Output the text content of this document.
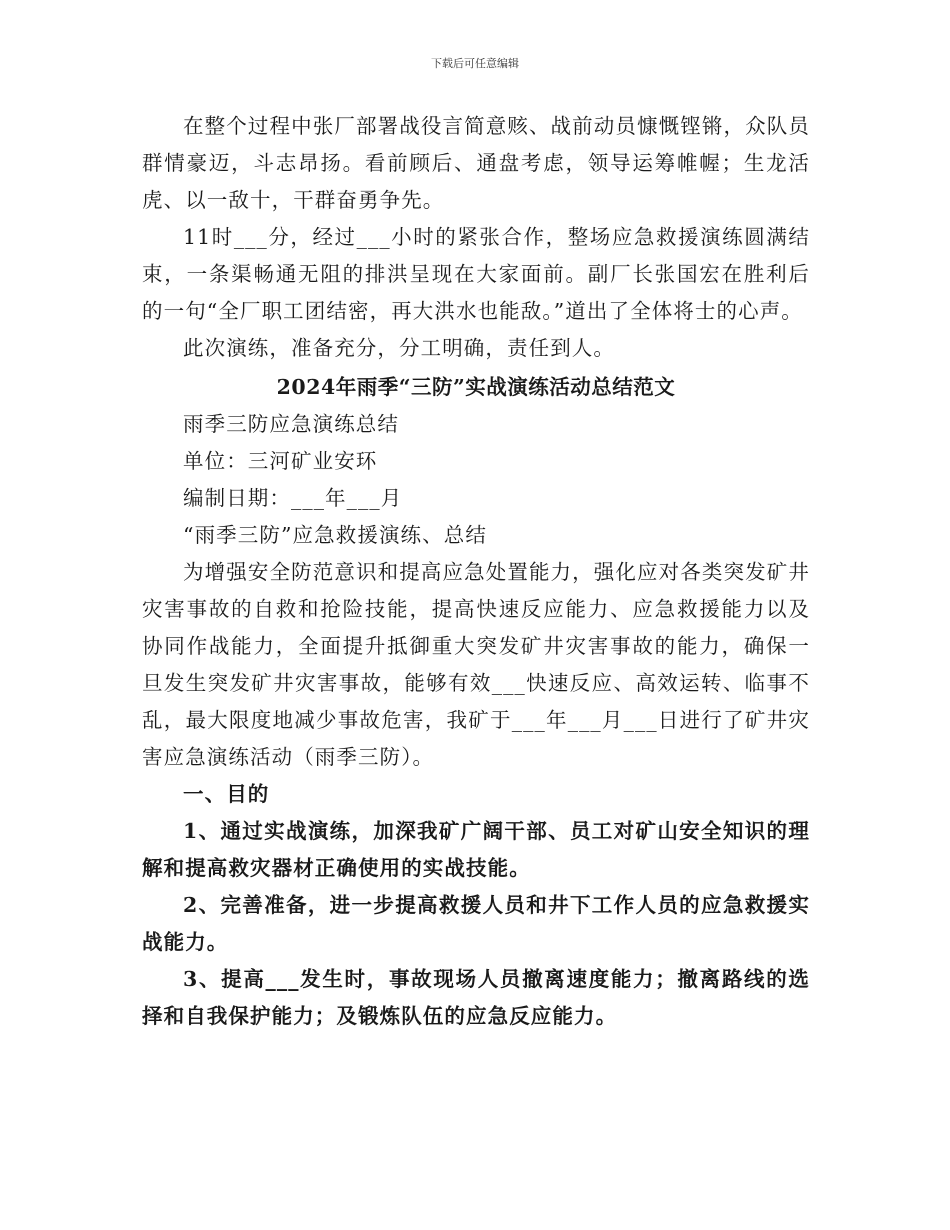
下载后可任意编辑

在整个过程中张厂部署战役言简意赅、战前动员慷慨铿锵，众队员群情豪迈，斗志昂扬。看前顾后、通盘考虑，领导运筹帷幄；生龙活虎、以一敌十，干群奋勇争先。

11时___分，经过___小时的紧张合作，整场应急救援演练圆满结束，一条渠畅通无阻的排洪呈现在大家面前。副厂长张国宏在胜利后的一句“全厂职工团结密，再大洪水也能敌。”道出了全体将士的心声。

此次演练，准备充分，分工明确，责任到人。

2024年雨季“三防”实战演练活动总结范文

雨季三防应急演练总结

单位：三河矿业安环

编制日期：___年___月

“雨季三防”应急救援演练、总结

为增强安全防范意识和提高应急处置能力，强化应对各类突发矿井灾害事故的自救和抢险技能，提高快速反应能力、应急救援能力以及协同作战能力，全面提升抵御重大突发矿井灾害事故的能力，确保一旦发生突发矿井灾害事故，能够有效___快速反应、高效运转、临事不乱，最大限度地减少事故危害，我矿于___年___月___日进行了矿井灾害应急演练活动（雨季三防）。

一、目的

1、通过实战演练，加深我矿广阔干部、员工对矿山安全知识的理解和提高救灾器材正确使用的实战技能。

2、完善准备，进一步提高救援人员和井下工作人员的应急救援实战能力。

3、提高___发生时，事故现场人员撤离速度能力；撤离路线的选择和自我保护能力；及锻炼队伍的应急反应能力。
